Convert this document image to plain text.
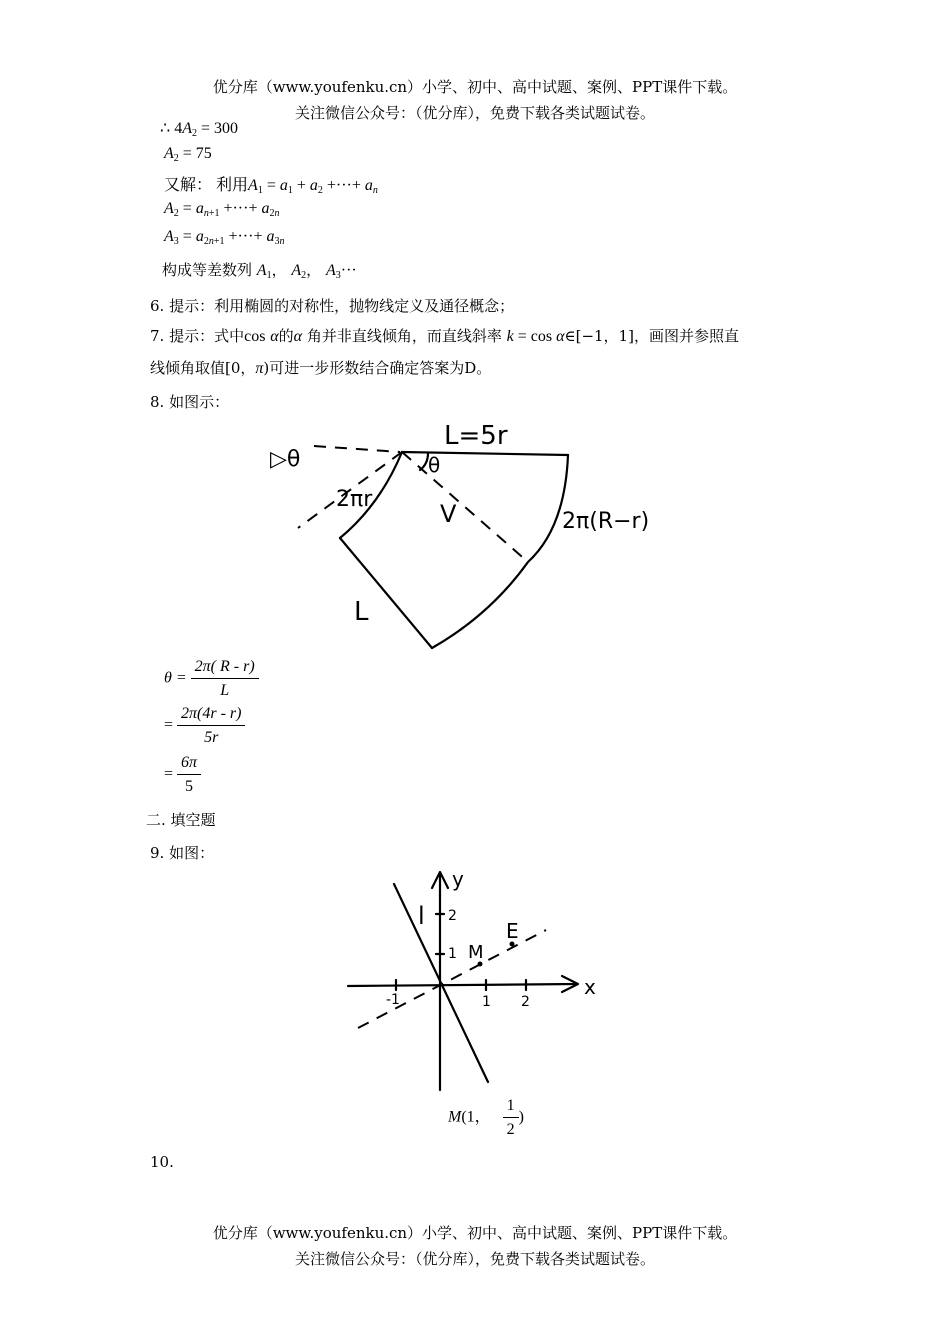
优分库（www.youfenku.cn）小学、初中、高中试题、案例、PPT课件下载。
关注微信公众号：（优分库），免费下载各类试题试卷。
∴ $4A_2 = 300$
$A_2 = 75$
又解： 利用$A_1 = a_1 + a_2$ +···+ $a_n$
$A_2 = a_{n+1}$ +···+ $a_{2n}$
$A_3 = a_{2n+1}$ +···+ $a_{3n}$
构成等差数列 $A_1$， $A_2$， $A_3\cdot\cdot\cdot$
6. 提示：利用椭圆的对称性，抛物线定义及通径概念；
7. 提示：式中cos α的α 角并非直线倾角，而直线斜率 k = cos α∈[−1，1]，画图并参照直
线倾角取值[0，π)可进一步形数结合确定答案为D。
8. 如图示：
L=5r
▷θ	θ
2πr
V	2π(R−r)
L
$\theta = \frac{2\pi( R - r)}{L}$
= $\frac{2\pi(4r - r)}{5r}$
= $\frac{6\pi}{5}$
二. 填空题
9. 如图：
y
x
l
M
E
2
1
1 2
-1
M(1， $\frac{1}{2}$ )
10.
优分库（www.youfenku.cn）小学、初中、高中试题、案例、PPT课件下载。
关注微信公众号：（优分库），免费下载各类试题试卷。
